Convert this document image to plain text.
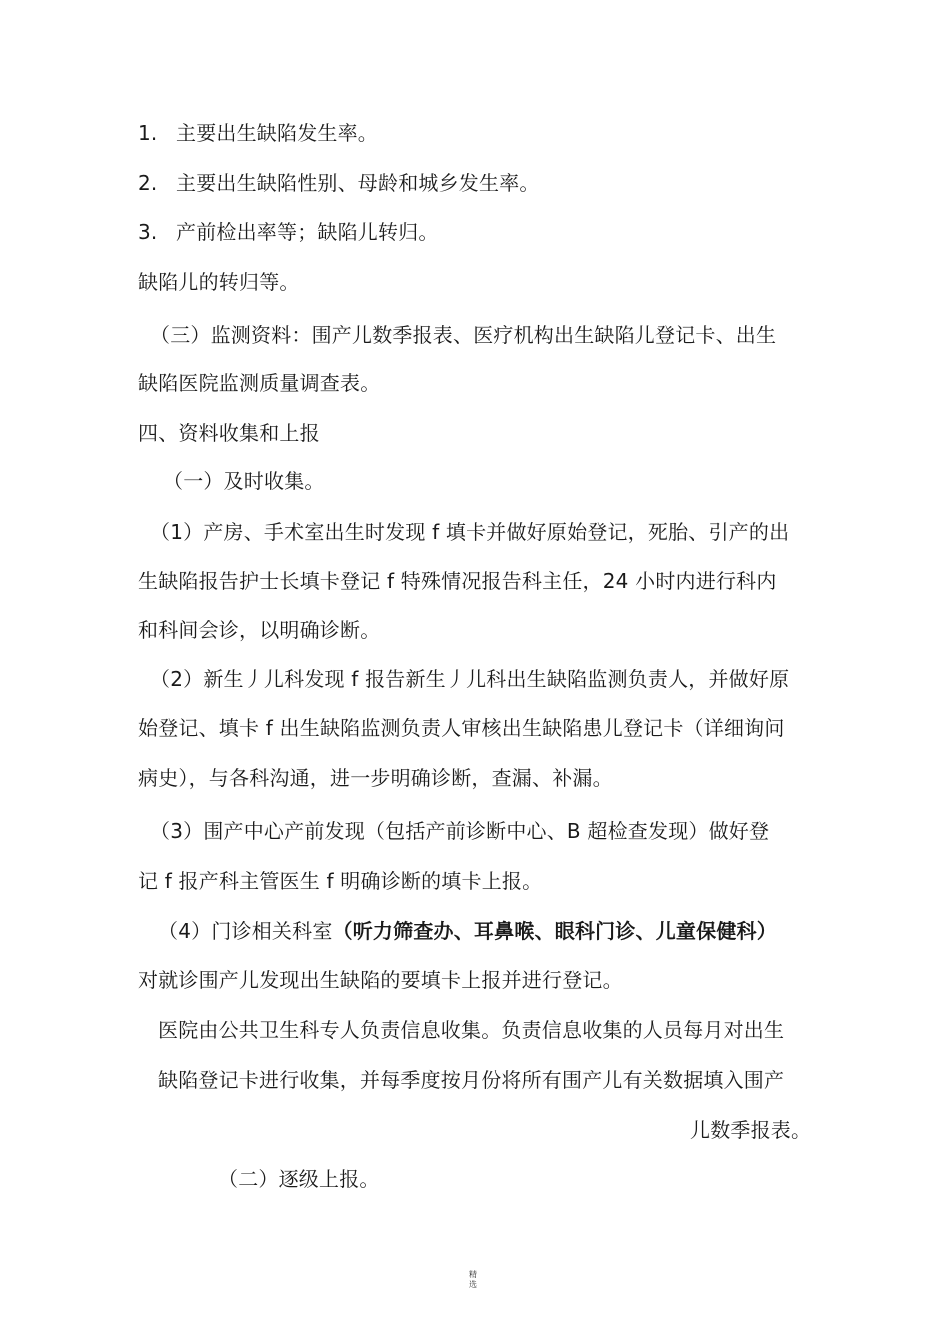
1. 主要出生缺陷发生率。
2. 主要出生缺陷性别、母龄和城乡发生率。
3. 产前检出率等；缺陷儿转归。
缺陷儿的转归等。
（三）监测资料：围产儿数季报表、医疗机构出生缺陷儿登记卡、出生
缺陷医院监测质量调查表。
四、资料收集和上报
（一）及时收集。
（1）产房、手术室出生时发现 f 填卡并做好原始登记，死胎、引产的出
生缺陷报告护士长填卡登记 f 特殊情况报告科主任，24 小时内进行科内
和科间会诊，以明确诊断。
（2）新生丿儿科发现 f 报告新生丿儿科出生缺陷监测负责人，并做好原
始登记、填卡 f 出生缺陷监测负责人审核出生缺陷患儿登记卡（详细询问
病史），与各科沟通，进一步明确诊断，查漏、补漏。
（3）围产中心产前发现（包括产前诊断中心、B 超检查发现）做好登
记 f 报产科主管医生 f 明确诊断的填卡上报。
（4）门诊相关科室（听力筛查办、耳鼻喉、眼科门诊、儿童保健科）
对就诊围产儿发现出生缺陷的要填卡上报并进行登记。
医院由公共卫生科专人负责信息收集。负责信息收集的人员每月对出生
缺陷登记卡进行收集，并每季度按月份将所有围产儿有关数据填入围产
儿数季报表。
（二）逐级上报。
精
选
